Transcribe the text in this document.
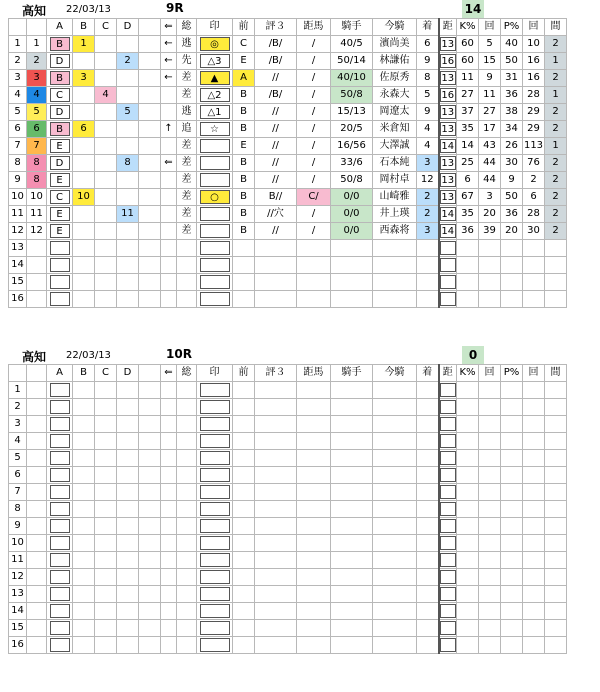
高知 22/03/13	9R	14
		A	B	C	D		⇐	総	印	前	評３	距馬	騎手	今騎	着	距	K%	回	P%	回	間
1	1	B	1				←	逃	◎	C	/B/	/	40/5	濱尚美	6	13	60	5	40	10	2
2	2	D			2		←	先	△3	E	/B/	/	50/14	林謙佑	9	16	60	15	50	16	1
3	3	B	3				←	差	▲	A	//	/	40/10	佐原秀	8	13	11	9	31	16	2
4	4	C		4				差	△2	B	/B/	/	50/8	永森大	5	16	27	11	36	28	1
5	5	D			5			逃	△1	B	//	/	15/13	岡遼太	9	13	37	27	38	29	2
6	6	B	6				↑	追	☆	B	//	/	20/5	米倉知	4	13	35	17	34	29	2
7	7	E						差		E	//	/	16/56	大澤誠	4	14	14	43	26	113	1
8	8	D			8		⇐	差		B	//	/	33/6	石本純	3	13	25	44	30	76	2
9	8	E						差		B	//	/	50/8	岡村卓	12	13	6	44	9	2	2
10	10	C	10					差	○	B	B//	C/	0/0	山崎雅	2	13	67	3	50	6	2
11	11	E			11			差		B	//穴	/	0/0	井上瑛	2	14	35	20	36	28	2
12	12	E						差		B	//	/	0/0	西森将	3	14	36	39	20	30	2
13		

14		

15		

16		

高知 22/03/13	10R	0
		A	B	C	D		⇐	総	印	前	評３	距馬	騎手	今騎	着	距	K%	回	P%	回	間
1		

2		

3		

4		

5		

6		

7		

8		

9		

10		

11		

12		

13		

14		

15		

16		
